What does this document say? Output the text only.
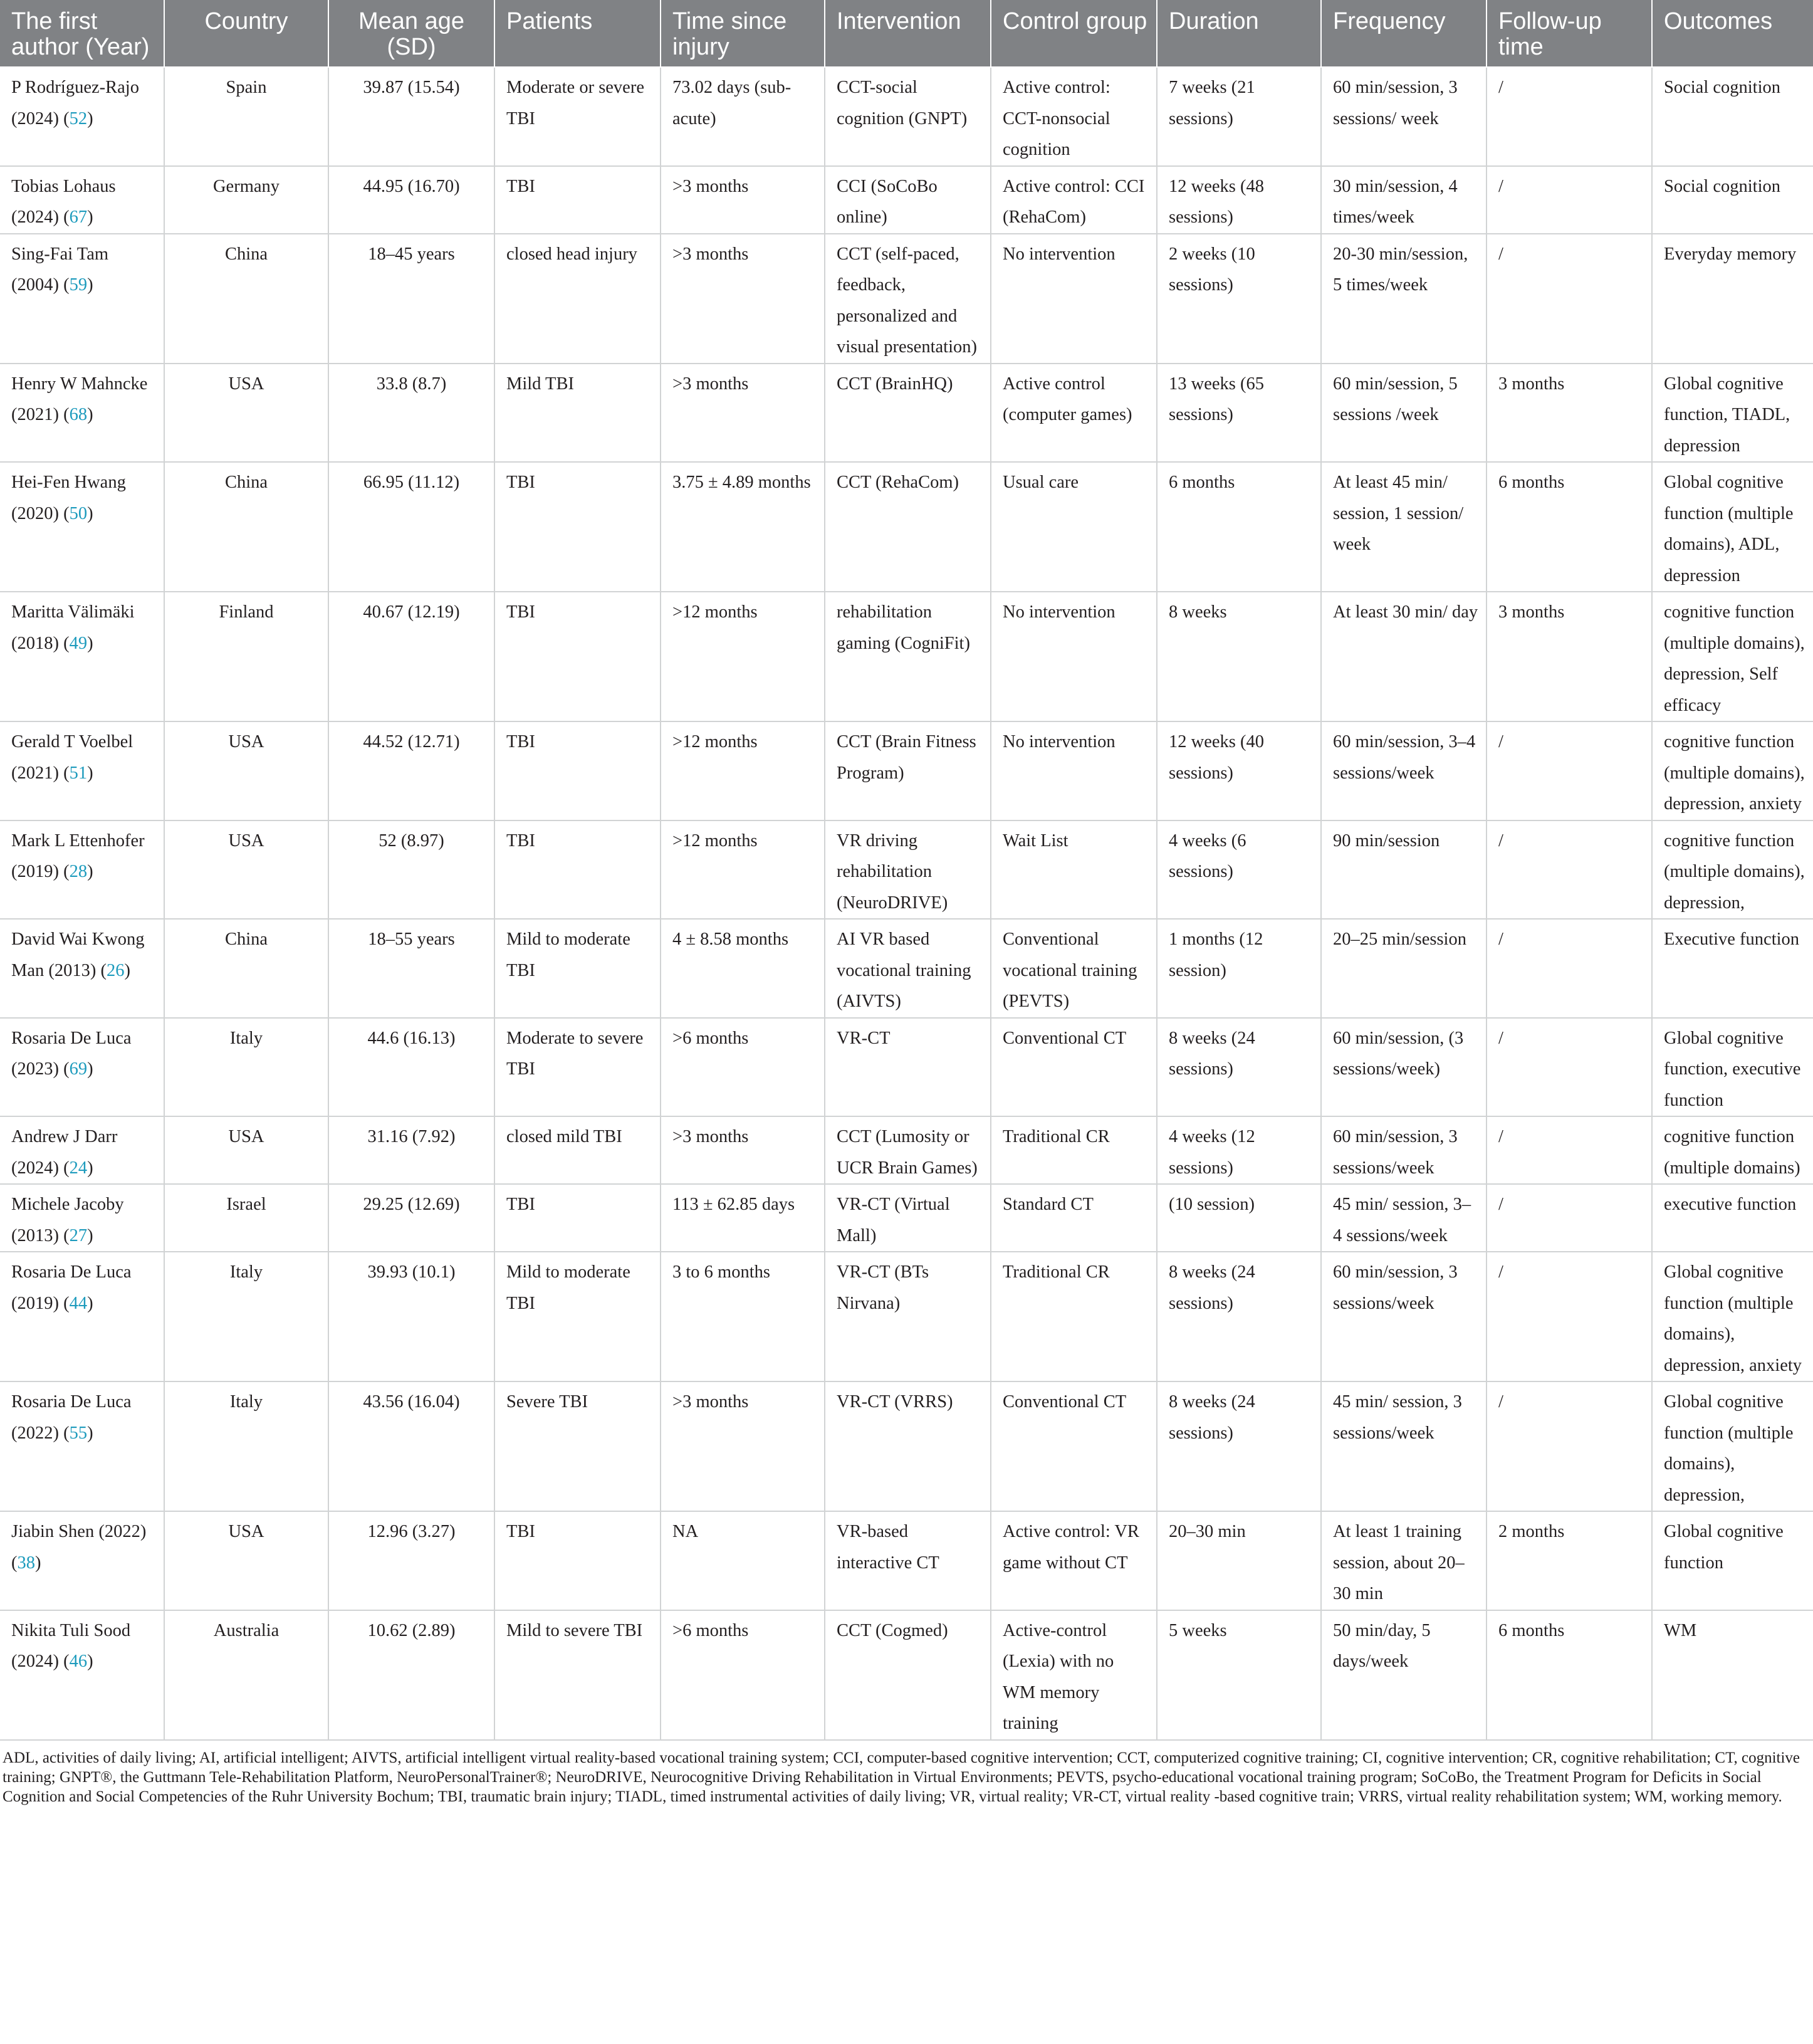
The first author (Year)	Country	Mean age (SD)	Patients	Time since injury	Intervention	Control group	Duration	Frequency	Follow-up time	Outcomes
P Rodríguez-Rajo (2024) (52)	Spain	39.87 (15.54)	Moderate or severe TBI	73.02 days (sub-acute)	CCT-social cognition (GNPT)	Active control: CCT-nonsocial cognition	7 weeks (21 sessions)	60 min/session, 3 sessions/ week	/	Social cognition
Tobias Lohaus (2024) (67)	Germany	44.95 (16.70)	TBI	>3 months	CCI (SoCoBo online)	Active control: CCI (RehaCom)	12 weeks (48 sessions)	30 min/session, 4 times/week	/	Social cognition
Sing-Fai Tam (2004) (59)	China	18–45 years	closed head injury	>3 months	CCT (self-paced, feedback, personalized and visual presentation)	No intervention	2 weeks (10 sessions)	20-30 min/session, 5 times/week	/	Everyday memory
Henry W Mahncke (2021) (68)	USA	33.8 (8.7)	Mild TBI	>3 months	CCT (BrainHQ)	Active control (computer games)	13 weeks (65 sessions)	60 min/session, 5 sessions /week	3 months	Global cognitive function, TIADL, depression
Hei-Fen Hwang (2020) (50)	China	66.95 (11.12)	TBI	3.75 ± 4.89 months	CCT (RehaCom)	Usual care	6 months	At least 45 min/ session, 1 session/ week	6 months	Global cognitive function (multiple domains), ADL, depression
Maritta Välimäki (2018) (49)	Finland	40.67 (12.19)	TBI	>12 months	rehabilitation gaming (CogniFit)	No intervention	8 weeks	At least 30 min/ day	3 months	cognitive function (multiple domains), depression, Self efficacy
Gerald T Voelbel (2021) (51)	USA	44.52 (12.71)	TBI	>12 months	CCT (Brain Fitness Program)	No intervention	12 weeks (40 sessions)	60 min/session, 3–4 sessions/week	/	cognitive function (multiple domains), depression, anxiety
Mark L Ettenhofer (2019) (28)	USA	52 (8.97)	TBI	>12 months	VR driving rehabilitation (NeuroDRIVE)	Wait List	4 weeks (6 sessions)	90 min/session	/	cognitive function (multiple domains), depression,
David Wai Kwong Man (2013) (26)	China	18–55 years	Mild to moderate TBI	4 ± 8.58 months	AI VR based vocational training (AIVTS)	Conventional vocational training (PEVTS)	1 months (12 session)	20–25 min/session	/	Executive function
Rosaria De Luca (2023) (69)	Italy	44.6 (16.13)	Moderate to severe TBI	>6 months	VR-CT	Conventional CT	8 weeks (24 sessions)	60 min/session, (3 sessions/week)	/	Global cognitive function, executive function
Andrew J Darr (2024) (24)	USA	31.16 (7.92)	closed mild TBI	>3 months	CCT (Lumosity or UCR Brain Games)	Traditional CR	4 weeks (12 sessions)	60 min/session, 3 sessions/week	/	cognitive function (multiple domains)
Michele Jacoby (2013) (27)	Israel	29.25 (12.69)	TBI	113 ± 62.85 days	VR-CT (Virtual Mall)	Standard CT	(10 session)	45 min/ session, 3–4 sessions/week	/	executive function
Rosaria De Luca (2019) (44)	Italy	39.93 (10.1)	Mild to moderate TBI	3 to 6 months	VR-CT (BTs Nirvana)	Traditional CR	8 weeks (24 sessions)	60 min/session, 3 sessions/week	/	Global cognitive function (multiple domains), depression, anxiety
Rosaria De Luca (2022) (55)	Italy	43.56 (16.04)	Severe TBI	>3 months	VR-CT (VRRS)	Conventional CT	8 weeks (24 sessions)	45 min/ session, 3 sessions/week	/	Global cognitive function (multiple domains), depression,
Jiabin Shen (2022) (38)	USA	12.96 (3.27)	TBI	NA	VR-based interactive CT	Active control: VR game without CT	20–30 min	At least 1 training session, about 20–30 min	2 months	Global cognitive function
Nikita Tuli Sood (2024) (46)	Australia	10.62 (2.89)	Mild to severe TBI	>6 months	CCT (Cogmed)	Active-control (Lexia) with no WM memory training	5 weeks	50 min/day, 5 days/week	6 months	WM
ADL, activities of daily living; AI, artificial intelligent; AIVTS, artificial intelligent virtual reality-based vocational training system; CCI, computer-based cognitive intervention; CCT, computerized cognitive training; CI, cognitive intervention; CR, cognitive rehabilitation; CT, cognitive training; GNPT®, the Guttmann Tele-Rehabilitation Platform, NeuroPersonalTrainer®; NeuroDRIVE, Neurocognitive Driving Rehabilitation in Virtual Environments; PEVTS, psycho-educational vocational training program; SoCoBo, the Treatment Program for Deficits in Social Cognition and Social Competencies of the Ruhr University Bochum; TBI, traumatic brain injury; TIADL, timed instrumental activities of daily living; VR, virtual reality; VR-CT, virtual reality -based cognitive train; VRRS, virtual reality rehabilitation system; WM, working memory.
